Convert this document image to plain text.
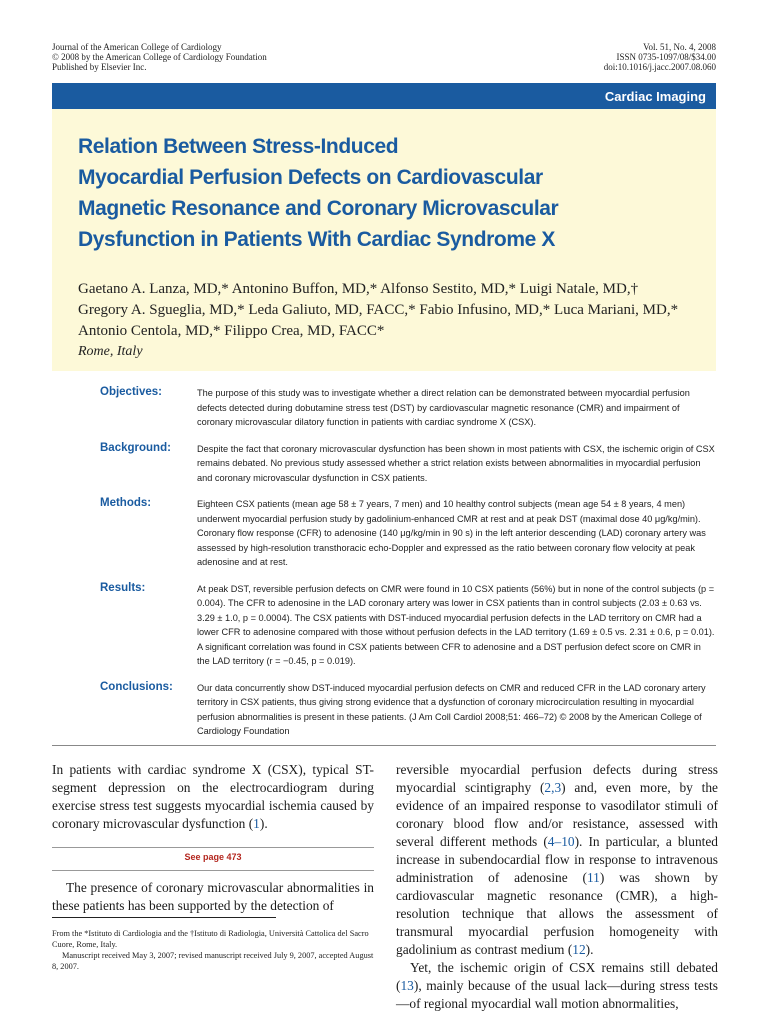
Journal of the American College of Cardiology
© 2008 by the American College of Cardiology Foundation
Published by Elsevier Inc.
Vol. 51, No. 4, 2008
ISSN 0735-1097/08/$34.00
doi:10.1016/j.jacc.2007.08.060
Cardiac Imaging
Relation Between Stress-Induced
Myocardial Perfusion Defects on Cardiovascular
Magnetic Resonance and Coronary Microvascular
Dysfunction in Patients With Cardiac Syndrome X
Gaetano A. Lanza, MD,* Antonino Buffon, MD,* Alfonso Sestito, MD,* Luigi Natale, MD,†
Gregory A. Sgueglia, MD,* Leda Galiuto, MD, FACC,* Fabio Infusino, MD,* Luca Mariani, MD,*
Antonio Centola, MD,* Filippo Crea, MD, FACC*
Rome, Italy
Objectives:	The purpose of this study was to investigate whether a direct relation can be demonstrated between myocardial perfusion defects detected during dobutamine stress test (DST) by cardiovascular magnetic resonance (CMR) and impairment of coronary microvascular dilatory function in patients with cardiac syndrome X (CSX).
Background:	Despite the fact that coronary microvascular dysfunction has been shown in most patients with CSX, the ischemic origin of CSX remains debated. No previous study assessed whether a strict relation exists between abnormalities in myocardial perfusion and coronary microvascular dysfunction in CSX patients.
Methods:	Eighteen CSX patients (mean age 58 ± 7 years, 7 men) and 10 healthy control subjects (mean age 54 ± 8 years, 4 men) underwent myocardial perfusion study by gadolinium-enhanced CMR at rest and at peak DST (maximal dose 40 μg/kg/min). Coronary flow response (CFR) to adenosine (140 μg/kg/min in 90 s) in the left anterior descending (LAD) coronary artery was assessed by high-resolution transthoracic echo-Doppler and expressed as the ratio between coronary flow velocity at peak adenosine and at rest.
Results:	At peak DST, reversible perfusion defects on CMR were found in 10 CSX patients (56%) but in none of the control subjects (p = 0.004). The CFR to adenosine in the LAD coronary artery was lower in CSX patients than in control subjects (2.03 ± 0.63 vs. 3.29 ± 1.0, p = 0.0004). The CSX patients with DST-induced myocardial perfusion defects in the LAD territory on CMR had a lower CFR to adenosine compared with those without perfusion defects in the LAD territory (1.69 ± 0.5 vs. 2.31 ± 0.6, p = 0.01). A significant correlation was found in CSX patients between CFR to adenosine and a DST perfusion defect score on CMR in the LAD territory (r = −0.45, p = 0.019).
Conclusions:	Our data concurrently show DST-induced myocardial perfusion defects on CMR and reduced CFR in the LAD coronary artery territory in CSX patients, thus giving strong evidence that a dysfunction of coronary microcirculation resulting in myocardial perfusion abnormalities is present in these patients. (J Am Coll Cardiol 2008;51: 466–72) © 2008 by the American College of Cardiology Foundation

In patients with cardiac syndrome X (CSX), typical ST-segment depression on the electrocardiogram during exercise stress test suggests myocardial ischemia caused by coronary microvascular dysfunction (1).

See page 473

The presence of coronary microvascular abnormalities in these patients has been supported by the detection of

reversible myocardial perfusion defects during stress myocardial scintigraphy (2,3) and, even more, by the evidence of an impaired response to vasodilator stimuli of coronary blood flow and/or resistance, assessed with several different methods (4–10). In particular, a blunted increase in subendocardial flow in response to intravenous administration of adenosine (11) was shown by cardiovascular magnetic resonance (CMR), a high-resolution technique that allows the assessment of transmural myocardial perfusion homogeneity with gadolinium as contrast medium (12).

Yet, the ischemic origin of CSX remains still debated (13), mainly because of the usual lack—during stress tests—of regional myocardial wall motion abnormalities,

From the *Istituto di Cardiologia and the †Istituto di Radiologia, Università Cattolica del Sacro Cuore, Rome, Italy.

Manuscript received May 3, 2007; revised manuscript received July 9, 2007, accepted August 8, 2007.
